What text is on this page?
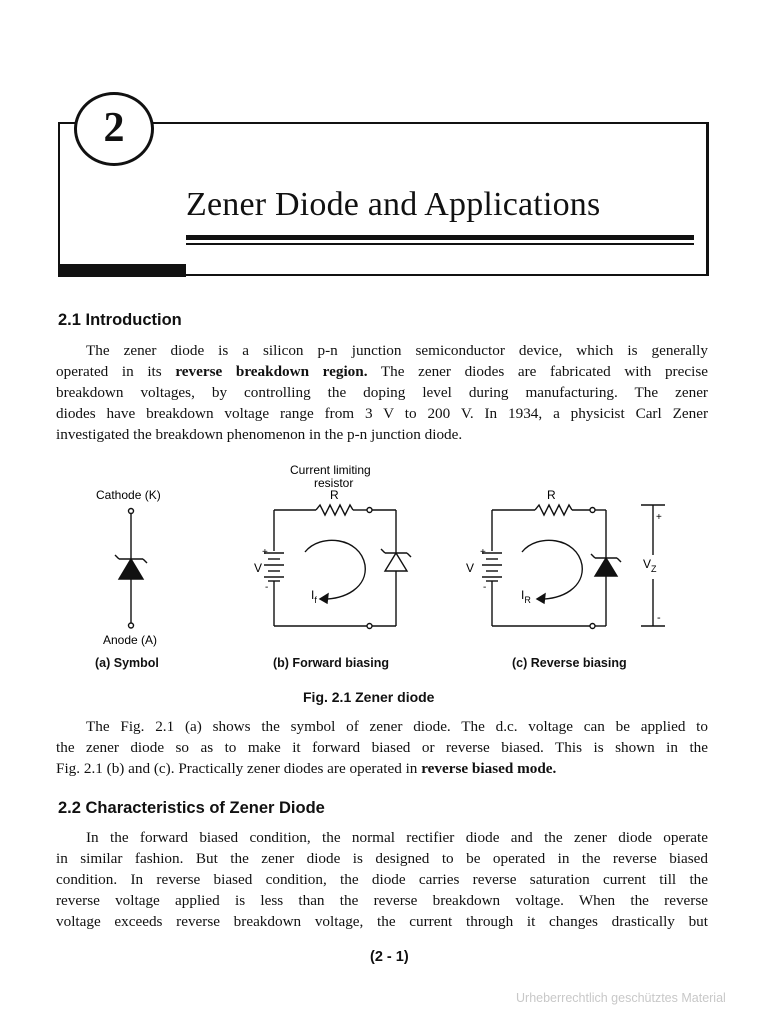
2
Zener Diode and Applications
2.1 Introduction
The zener diode is a silicon p-n junction semiconductor device, which is generally
operated in its reverse breakdown region. The zener diodes are fabricated with precise
breakdown voltages, by controlling the doping level during manufacturing. The zener
diodes have breakdown voltage range from 3 V to 200 V. In 1934, a physicist Carl Zener
investigated the breakdown phenomenon in the p-n junction diode.
Cathode (K)
Anode (A)
Current limiting
resistor
R
V
+
-
$I_f$
R
V
+
-
$I_R$
$V_Z$
+
-
(a) Symbol	(b) Forward biasing	(c) Reverse biasing
Fig. 2.1 Zener diode
The Fig. 2.1 (a) shows the symbol of zener diode. The d.c. voltage can be applied to
the zener diode so as to make it forward biased or reverse biased. This is shown in the
Fig. 2.1 (b) and (c). Practically zener diodes are operated in reverse biased mode.
2.2 Characteristics of Zener Diode
In the forward biased condition, the normal rectifier diode and the zener diode operate
in similar fashion. But the zener diode is designed to be operated in the reverse biased
condition. In reverse biased condition, the diode carries reverse saturation current till the
reverse voltage applied is less than the reverse breakdown voltage. When the reverse
voltage exceeds reverse breakdown voltage, the current through it changes drastically but
(2 - 1)
Urheberrechtlich geschütztes Material
